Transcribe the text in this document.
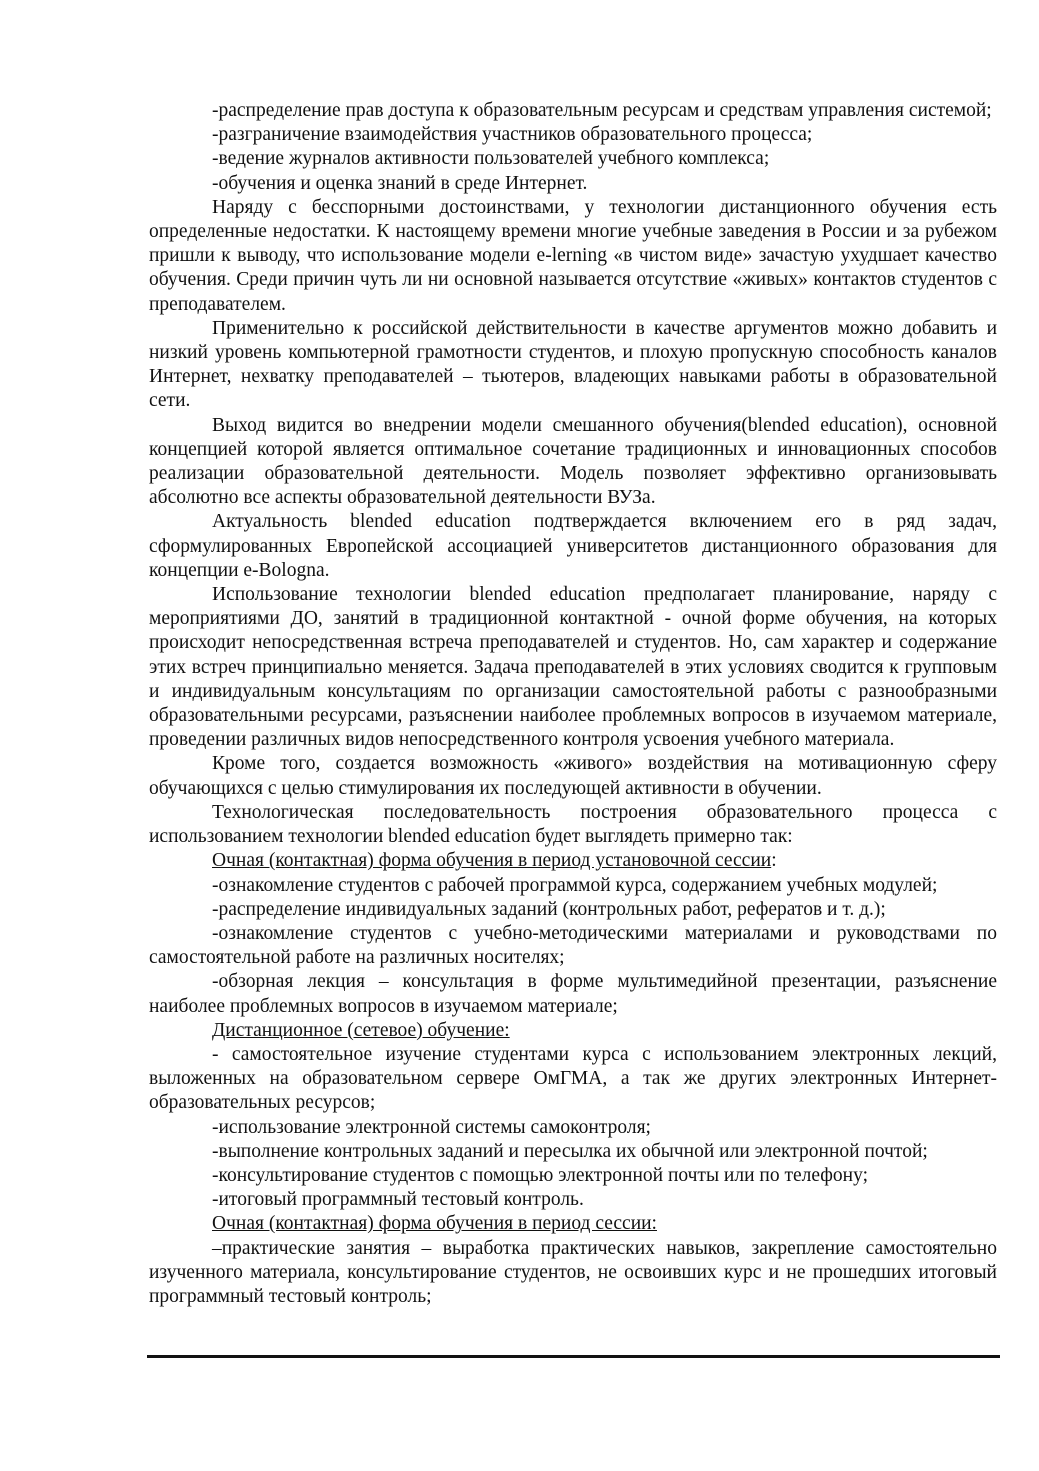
-распределение прав доступа к образовательным ресурсам и средствам управления системой;

-разграничение взаимодействия участников образовательного процесса;

-ведение журналов активности пользователей учебного комплекса;

-обучения и оценка знаний в среде Интернет.

Наряду с бесспорными достоинствами, у технологии дистанционного обучения есть определенные недостатки. К настоящему времени многие учебные заведения в России и за рубежом пришли к выводу, что использование модели e-lerning «в чистом виде» зачастую ухудшает качество обучения. Среди причин чуть ли ни основной называется отсутствие «живых» контактов студентов с преподавателем.

Применительно к российской действительности в качестве аргументов можно добавить и низкий уровень компьютерной грамотности студентов, и плохую пропускную способность каналов Интернет, нехватку преподавателей – тьютеров, владеющих навыками работы в образовательной сети.

Выход видится во внедрении модели смешанного обучения(blended education), основной концепцией которой является оптимальное сочетание традиционных и инновационных способов реализации образовательной деятельности. Модель позволяет эффективно организовывать абсолютно все аспекты образовательной деятельности ВУЗа.

Актуальность blended education подтверждается включением его в ряд задач, сформулированных Европейской ассоциацией университетов дистанционного образования для концепции e-Bologna.

Использование технологии blended education предполагает планирование, наряду с мероприятиями ДО, занятий в традиционной контактной - очной форме обучения, на которых происходит непосредственная встреча преподавателей и студентов. Но, сам характер и содержание этих встреч принципиально меняется. Задача преподавателей в этих условиях сводится к групповым и индивидуальным консультациям по организации самостоятельной работы с разнообразными образовательными ресурсами, разъяснении наиболее проблемных вопросов в изучаемом материале, проведении различных видов непосредственного контроля усвоения учебного материала.

Кроме того, создается возможность «живого» воздействия на мотивационную сферу обучающихся с целью стимулирования их последующей активности в обучении.

Технологическая последовательность построения образовательного процесса с использованием технологии blended education будет выглядеть примерно так:

Очная (контактная) форма обучения в период установочной сессии:

-ознакомление студентов с рабочей программой курса, содержанием учебных модулей;

-распределение индивидуальных заданий (контрольных работ, рефератов и т. д.);

-ознакомление студентов с учебно-методическими материалами и руководствами по самостоятельной работе на различных носителях;

-обзорная лекция – консультация в форме мультимедийной презентации, разъяснение наиболее проблемных вопросов в изучаемом материале;

Дистанционное (сетевое) обучение:

- самостоятельное изучение студентами курса с использованием электронных лекций, выложенных на образовательном сервере ОмГМА, а так же других электронных Интернет-образовательных ресурсов;

-использование электронной системы самоконтроля;

-выполнение контрольных заданий и пересылка их обычной или электронной почтой;

-консультирование студентов с помощью электронной почты или по телефону;

-итоговый программный тестовый контроль.

Очная (контактная) форма обучения в период сессии:

–практические занятия – выработка практических навыков, закрепление самостоятельно изученного материала, консультирование студентов, не освоивших курс и не прошедших итоговый программный тестовый контроль;
